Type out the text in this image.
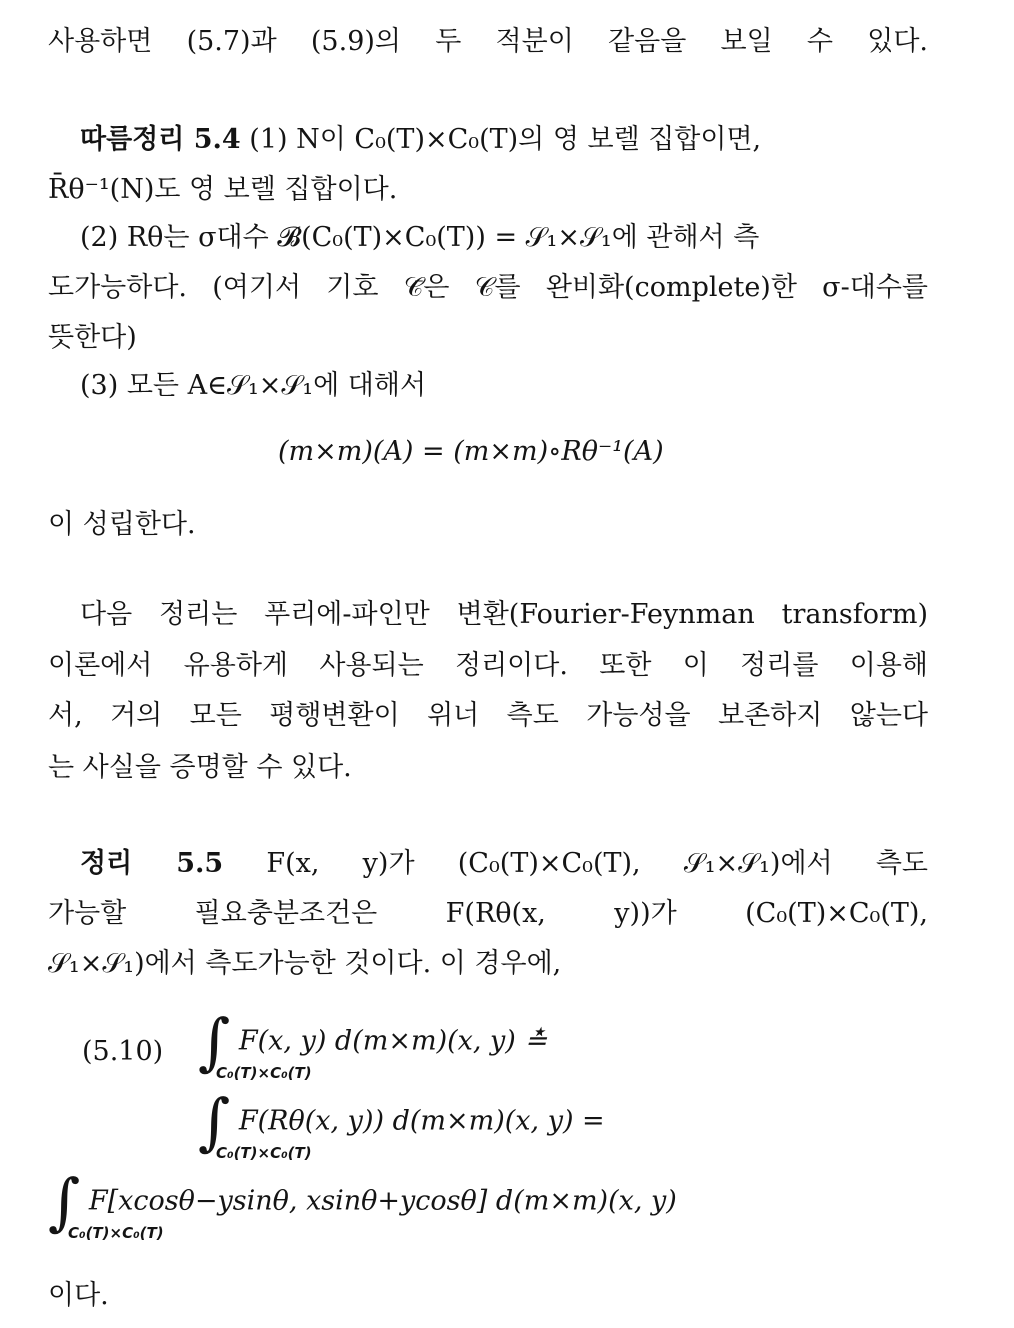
사용하면 (5.7)과 (5.9)의 두 적분이 같음을 보일 수 있다.
따름정리 5.4 (1) N이 C₀(T)×C₀(T)의 영 보렐 집합이면,
R̄θ⁻¹(N)도 영 보렐 집합이다.
(2) Rθ는 σ대수 𝓑(C₀(T)×C₀(T)) = 𝒮₁×𝒮₁에 관해서 측
도가능하다. (여기서 기호 𝒞̄은 𝒞를 완비화(complete)한 σ-대수를
뜻한다)
(3) 모든 A∈𝒮₁×𝒮₁에 대해서
(m×m)(A) = (m×m)∘Rθ⁻¹(A)
이 성립한다.
다음 정리는 푸리에-파인만 변환(Fourier-Feynman transform)
이론에서 유용하게 사용되는 정리이다. 또한 이 정리를 이용해
서, 거의 모든 평행변환이 위너 측도 가능성을 보존하지 않는다
는 사실을 증명할 수 있다.
정리 5.5 F(x, y)가 (C₀(T)×C₀(T), 𝒮₁×𝒮₁)에서 측도
가능할 필요충분조건은 F(Rθ(x, y))가 (C₀(T)×C₀(T),
𝒮₁×𝒮₁)에서 측도가능한 것이다. 이 경우에,
(5.10) ∫ F(x, y) d(m×m)(x, y) ≛
C₀(T)×C₀(T)
∫ F(Rθ(x, y)) d(m×m)(x, y) =
C₀(T)×C₀(T)
∫ F[xcosθ−ysinθ, xsinθ+ycosθ] d(m×m)(x, y)
C₀(T)×C₀(T)
이다.
